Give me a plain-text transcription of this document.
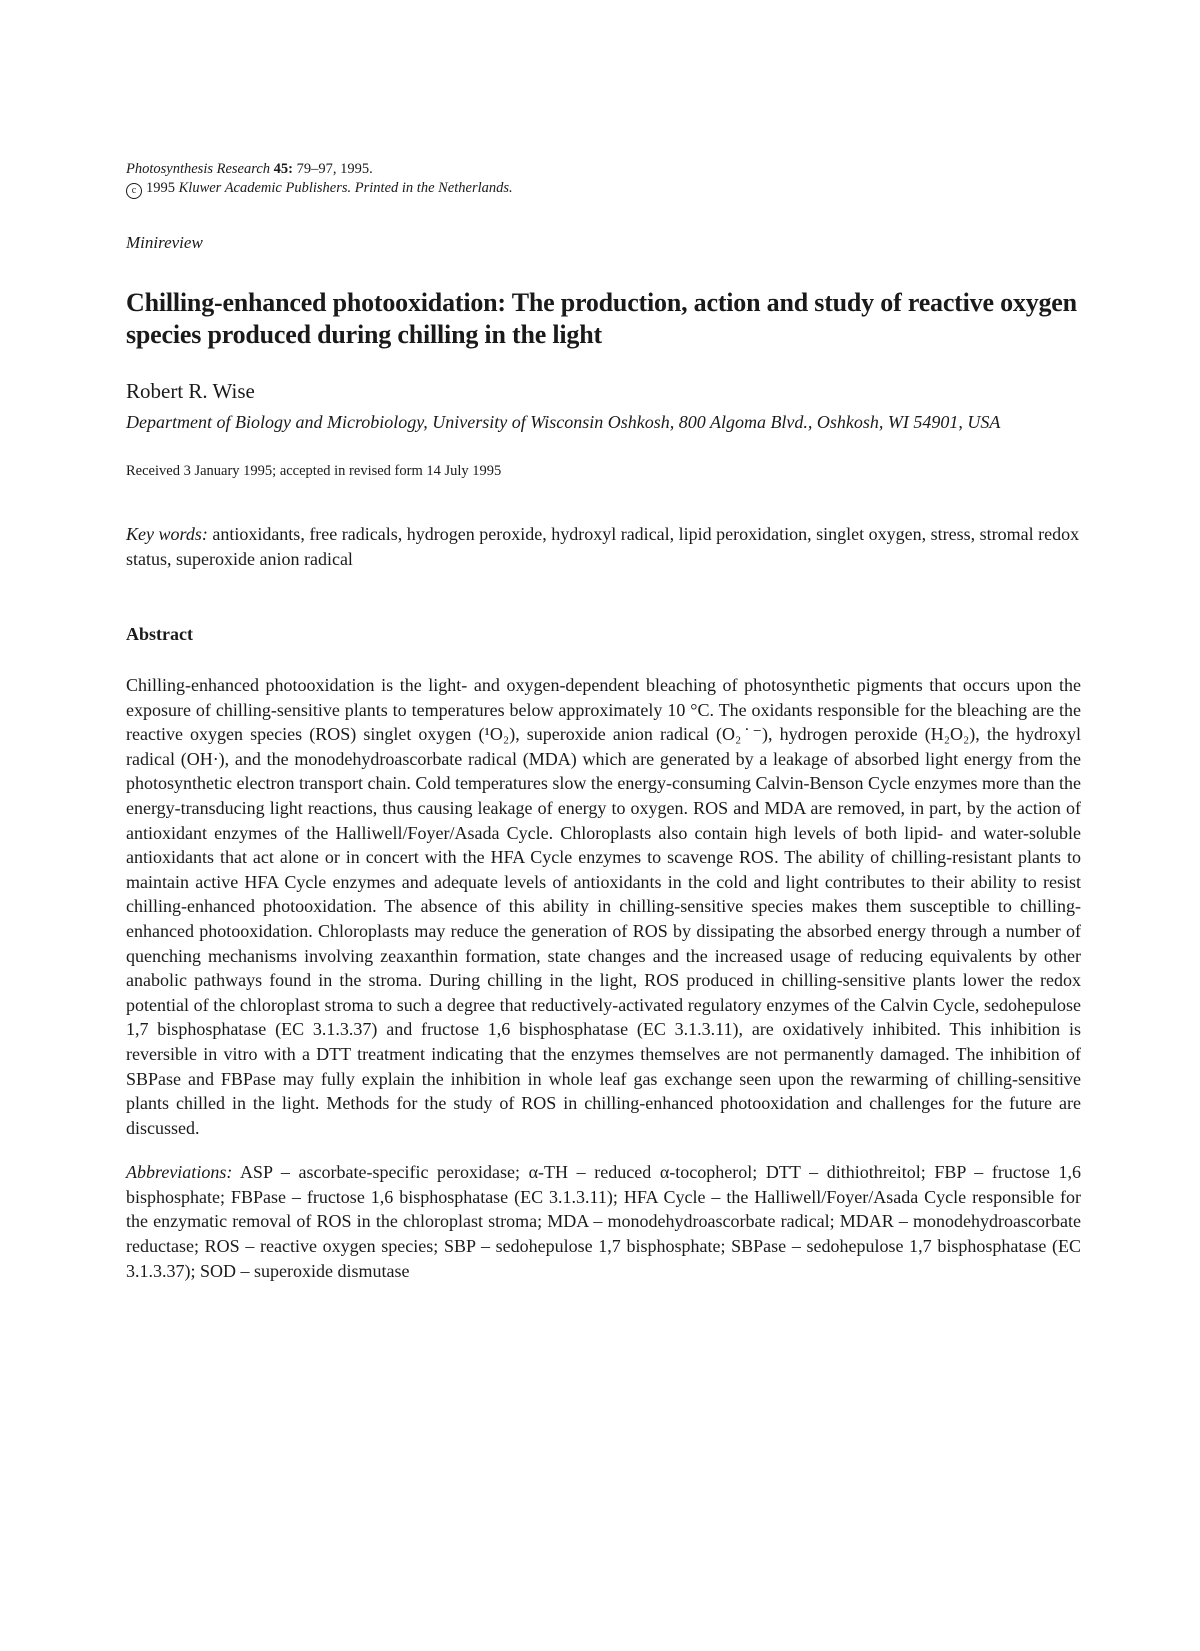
Photosynthesis Research 45: 79–97, 1995.

c 1995 Kluwer Academic Publishers. Printed in the Netherlands.

Minireview

Chilling-enhanced photooxidation: The production, action and study of reactive oxygen species produced during chilling in the light

Robert R. Wise

Department of Biology and Microbiology, University of Wisconsin Oshkosh, 800 Algoma Blvd., Oshkosh, WI 54901, USA

Received 3 January 1995; accepted in revised form 14 July 1995

Key words: antioxidants, free radicals, hydrogen peroxide, hydroxyl radical, lipid peroxidation, singlet oxygen, stress, stromal redox status, superoxide anion radical

Abstract

Chilling-enhanced photooxidation is the light- and oxygen-dependent bleaching of photosynthetic pigments that occurs upon the exposure of chilling-sensitive plants to temperatures below approximately 10 °C. The oxidants responsible for the bleaching are the reactive oxygen species (ROS) singlet oxygen (¹O₂), superoxide anion radical (O₂˙⁻), hydrogen peroxide (H₂O₂), the hydroxyl radical (OH·), and the monodehydroascorbate radical (MDA) which are generated by a leakage of absorbed light energy from the photosynthetic electron transport chain. Cold temperatures slow the energy-consuming Calvin-Benson Cycle enzymes more than the energy-transducing light reactions, thus causing leakage of energy to oxygen. ROS and MDA are removed, in part, by the action of antioxidant enzymes of the Halliwell/Foyer/Asada Cycle. Chloroplasts also contain high levels of both lipid- and water-soluble antioxidants that act alone or in concert with the HFA Cycle enzymes to scavenge ROS. The ability of chilling-resistant plants to maintain active HFA Cycle enzymes and adequate levels of antioxidants in the cold and light contributes to their ability to resist chilling-enhanced photooxidation. The absence of this ability in chilling-sensitive species makes them susceptible to chilling-enhanced photooxidation. Chloroplasts may reduce the generation of ROS by dissipating the absorbed energy through a number of quenching mechanisms involving zeaxanthin formation, state changes and the increased usage of reducing equivalents by other anabolic pathways found in the stroma. During chilling in the light, ROS produced in chilling-sensitive plants lower the redox potential of the chloroplast stroma to such a degree that reductively-activated regulatory enzymes of the Calvin Cycle, sedohepulose 1,7 bisphosphatase (EC 3.1.3.37) and fructose 1,6 bisphosphatase (EC 3.1.3.11), are oxidatively inhibited. This inhibition is reversible in vitro with a DTT treatment indicating that the enzymes themselves are not permanently damaged. The inhibition of SBPase and FBPase may fully explain the inhibition in whole leaf gas exchange seen upon the rewarming of chilling-sensitive plants chilled in the light. Methods for the study of ROS in chilling-enhanced photooxidation and challenges for the future are discussed.

Abbreviations: ASP – ascorbate-specific peroxidase; α-TH – reduced α-tocopherol; DTT – dithiothreitol; FBP – fructose 1,6 bisphosphate; FBPase – fructose 1,6 bisphosphatase (EC 3.1.3.11); HFA Cycle – the Halliwell/Foyer/Asada Cycle responsible for the enzymatic removal of ROS in the chloroplast stroma; MDA – monodehydroascorbate radical; MDAR – monodehydroascorbate reductase; ROS – reactive oxygen species; SBP – sedohepulose 1,7 bisphosphate; SBPase – sedohepulose 1,7 bisphosphatase (EC 3.1.3.37); SOD – superoxide dismutase
